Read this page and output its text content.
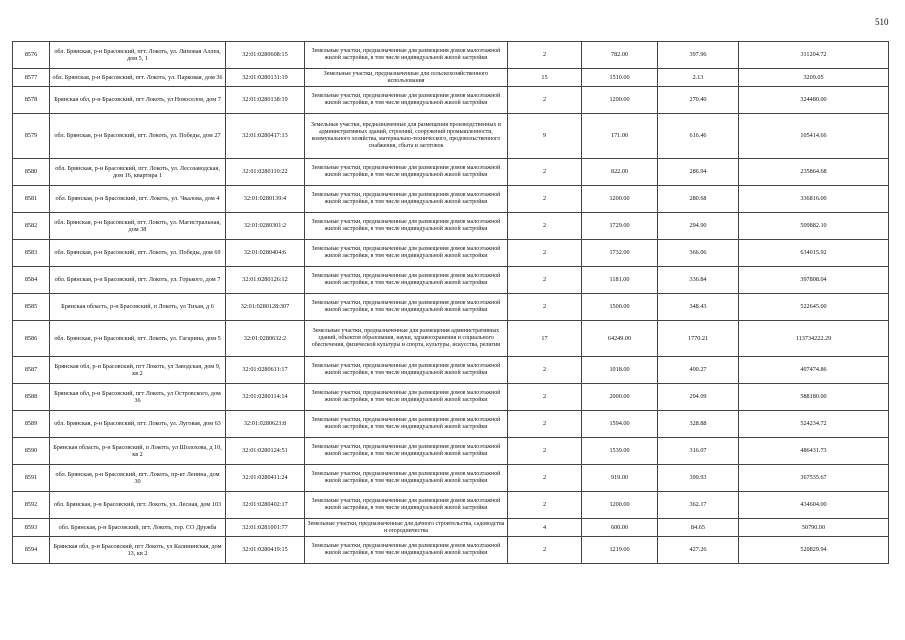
510
8576	обл. Брянская, р-н Брасовский, пгт. Локоть, ул. Липовая Аллея, дом 5, 1	32:01:0280608:15	Земельные участки, предназначенные для размещения домов малоэтажной жилой застройки, в том числе индивидуальной жилой застройки	2	782.00	397.96	311204.72
8577	обл. Брянская, р-н Брасовский, пгт. Локоть, ул. Парковая, дом 36	32:01:0280131:19	Земельные участки, предназначенные для сельскохозяйственного использования	15	1510.00	2.13	3209.05
8578	Брянская обл, р-н Брасовский, пгт Локоть, ул Новоселов, дом 7	32:01:0280138:19	Земельные участки, предназначенные для размещения домов малоэтажной жилой застройки, в том числе индивидуальной жилой застройки	2	1200.00	270.40	324480.00
8579	обл. Брянская, р-н Брасовский, пгт. Локоть, ул. Победы, дом 27	32:01:0280417:13	Земельные участки, предназначенные для размещения производственных и административных зданий, строений, сооружений промышленности, коммунального хозяйства, материально-технического, продовольственного снабжения, сбыта и заготовок	9	171.00	616.46	105414.66
8580	обл. Брянская, р-н Брасовский, пгт. Локоть, ул. Лесозаводская, дом 16, квартира 1	32:01:0280110:22	Земельные участки, предназначенные для размещения домов малоэтажной жилой застройки, в том числе индивидуальной жилой застройки	2	822.00	286.94	235864.68
8581	обл. Брянская, р-н Брасовский, пгт. Локоть, ул. Чкалова, дом 4	32:01:0280139:4	Земельные участки, предназначенные для размещения домов малоэтажной жилой застройки, в том числе индивидуальной жилой застройки	2	1200.00	280.68	336816.00
8582	обл. Брянская, р-н Брасовский, пгт. Локоть, ул. Магистральная, дом 38	32:01:0280301:2	Земельные участки, предназначенные для размещения домов малоэтажной жилой застройки, в том числе индивидуальной жилой застройки	2	1729.00	294.90	509882.10
8583	обл. Брянская, р-н Брасовский, пгт. Локоть, ул. Победы, дом 69	32:01:0280404:6	Земельные участки, предназначенные для размещения домов малоэтажной жилой застройки, в том числе индивидуальной жилой застройки	2	1732.00	366.06	634015.92
8584	обл. Брянская, р-н Брасовский, пгт. Локоть, ул. Горького, дом 7	32:01:0280126:12	Земельные участки, предназначенные для размещения домов малоэтажной жилой застройки, в том числе индивидуальной жилой застройки	2	1181.00	336.84	397808.04
8585	Брянская область, р-н Брасовский, п Локоть, ул Тихая, д 6	32:01:0280128:307	Земельные участки, предназначенные для размещения домов малоэтажной жилой застройки, в том числе индивидуальной жилой застройки	2	1500.00	348.43	522645.00
8586	обл. Брянская, р-н Брасовский, пгт. Локоть, ул. Гагарина, дом 5	32:01:0280632:2	Земельные участки, предназначенные для размещения административных зданий, объектов образования, науки, здравоохранения и социального обеспечения, физической культуры и спорта, культуры, искусства, религии	17	64249.00	1770.21	113734222.29
8587	Брянская обл, р-н Брасовский, пгт Локоть, ул Заводская, дом 9, кв 2	32:01:0280611:17	Земельные участки, предназначенные для размещения домов малоэтажной жилой застройки, в том числе индивидуальной жилой застройки	2	1018.00	400.27	407474.86
8588	Брянская обл, р-н Брасовский, пгт Локоть, ул Островского, дом 36	32:01:0280114:14	Земельные участки, предназначенные для размещения домов малоэтажной жилой застройки, в том числе индивидуальной жилой застройки	2	2000.00	294.09	588180.00
8589	обл. Брянская, р-н Брасовский, пгт. Локоть, ул. Луговая, дом 63	32:01:0280623:8	Земельные участки, предназначенные для размещения домов малоэтажной жилой застройки, в том числе индивидуальной жилой застройки	2	1594.00	328.88	524234.72
8590	Брянская область, р-н Брасовский, п Локоть, ул Шолохова, д 10, кв 2	32:01:0280124:51	Земельные участки, предназначенные для размещения домов малоэтажной жилой застройки, в том числе индивидуальной жилой застройки	2	1539.00	316.07	486431.73
8591	обл. Брянская, р-н Брасовский, пгт. Локоть, пр-кт Ленина, дом 30	32:01:0280411:24	Земельные участки, предназначенные для размещения домов малоэтажной жилой застройки, в том числе индивидуальной жилой застройки	2	919.00	399.93	367535.67
8592	обл. Брянская, р-н Брасовский, пгт. Локоть, ул. Лесная, дом 103	32:01:0280402:17	Земельные участки, предназначенные для размещения домов малоэтажной жилой застройки, в том числе индивидуальной жилой застройки	2	1200.00	362.17	434604.00
8593	обл. Брянская, р-н Брасовский, пгт. Локоть, тер. СО Дружба	32:01:0281001:77	Земельные участки, предназначенные для дачного строительства, садоводства и огородничества	4	600.00	84.65	50790.00
8594	Брянская обл, р-н Брасовский, пгт Локоть, ул Калининская, дом 13, кв 2	32:01:0280419:15	Земельные участки, предназначенные для размещения домов малоэтажной жилой застройки, в том числе индивидуальной жилой застройки	2	1219.00	427.26	520829.94
